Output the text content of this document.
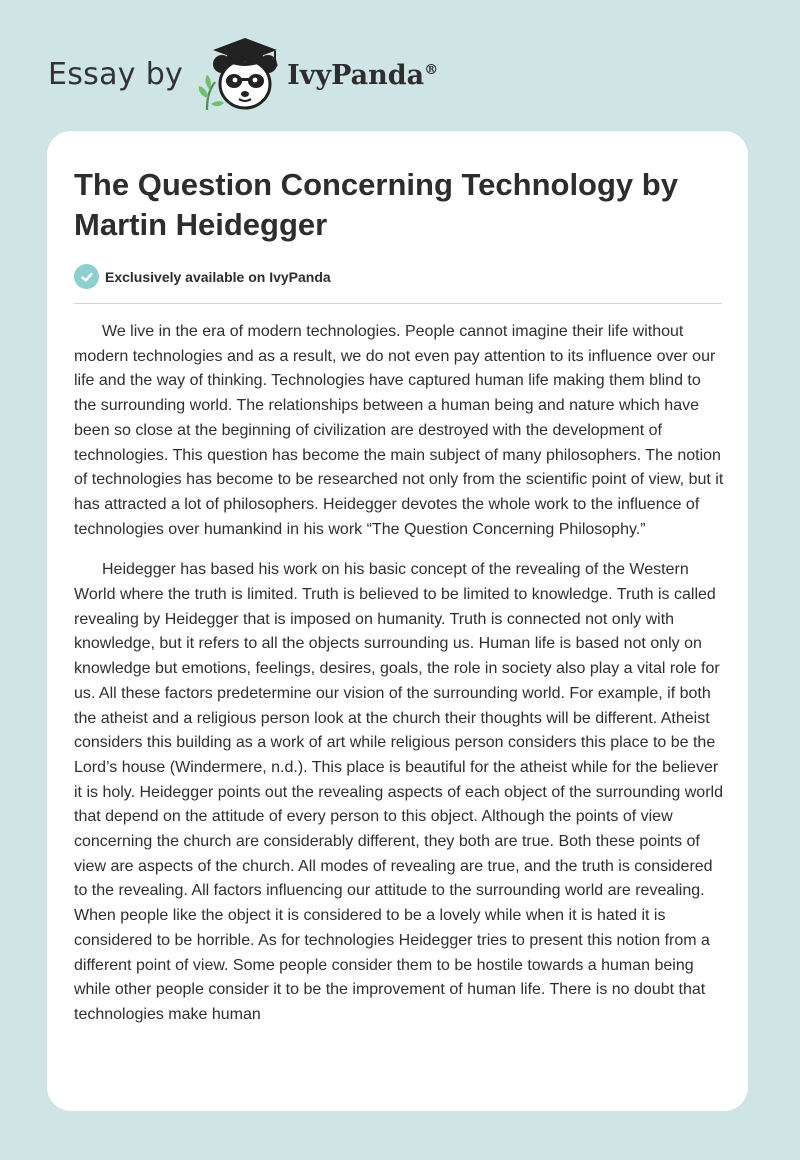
Essay by	IvyPanda®
The Question Concerning Technology by Martin Heidegger
Exclusively available on IvyPanda

We live in the era of modern technologies. People cannot imagine their life without modern technologies and as a result, we do not even pay attention to its influence over our life and the way of thinking. Technologies have captured human life making them blind to the surrounding world. The relationships between a human being and nature which have been so close at the beginning of civilization are destroyed with the development of technologies. This question has become the main subject of many philosophers. The notion of technologies has become to be researched not only from the scientific point of view, but it has attracted a lot of philosophers. Heidegger devotes the whole work to the influence of technologies over humankind in his work “The Question Concerning Philosophy.”

Heidegger has based his work on his basic concept of the revealing of the Western World where the truth is limited. Truth is believed to be limited to knowledge. Truth is called revealing by Heidegger that is imposed on humanity. Truth is connected not only with knowledge, but it refers to all the objects surrounding us. Human life is based not only on knowledge but emotions, feelings, desires, goals, the role in society also play a vital role for us. All these factors predetermine our vision of the surrounding world. For example, if both the atheist and a religious person look at the church their thoughts will be different. Atheist considers this building as a work of art while religious person considers this place to be the Lord’s house (Windermere, n.d.). This place is beautiful for the atheist while for the believer it is holy. Heidegger points out the revealing aspects of each object of the surrounding world that depend on the attitude of every person to this object. Although the points of view concerning the church are considerably different, they both are true. Both these points of view are aspects of the church. All modes of revealing are true, and the truth is considered to the revealing. All factors influencing our attitude to the surrounding world are revealing. When people like the object it is considered to be a lovely while when it is hated it is considered to be horrible. As for technologies Heidegger tries to present this notion from a different point of view. Some people consider them to be hostile towards a human being while other people consider it to be the improvement of human life. There is no doubt that technologies make human
